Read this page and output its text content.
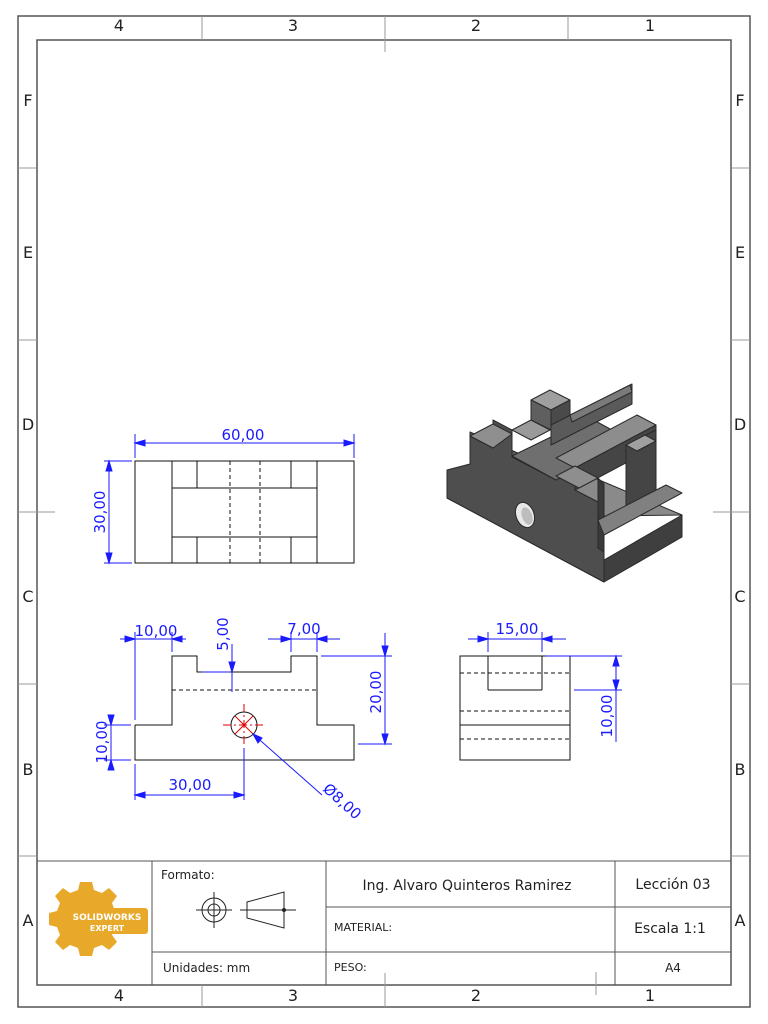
4	3	2	1
4	3	2	1
F
E
D
C
B
A
F
E
D
C
B
A
60,00
30,00
10,00 5,00	7,00
20,00
10,00
30,00	Ø8,00
15,00
10,00
SOLIDWORKS
EXPERT
Formato:
Unidades: mm
Ing. Alvaro Quinteros Ramirez
MATERIAL:
PESO:
Lección 03
Escala 1:1
A4
